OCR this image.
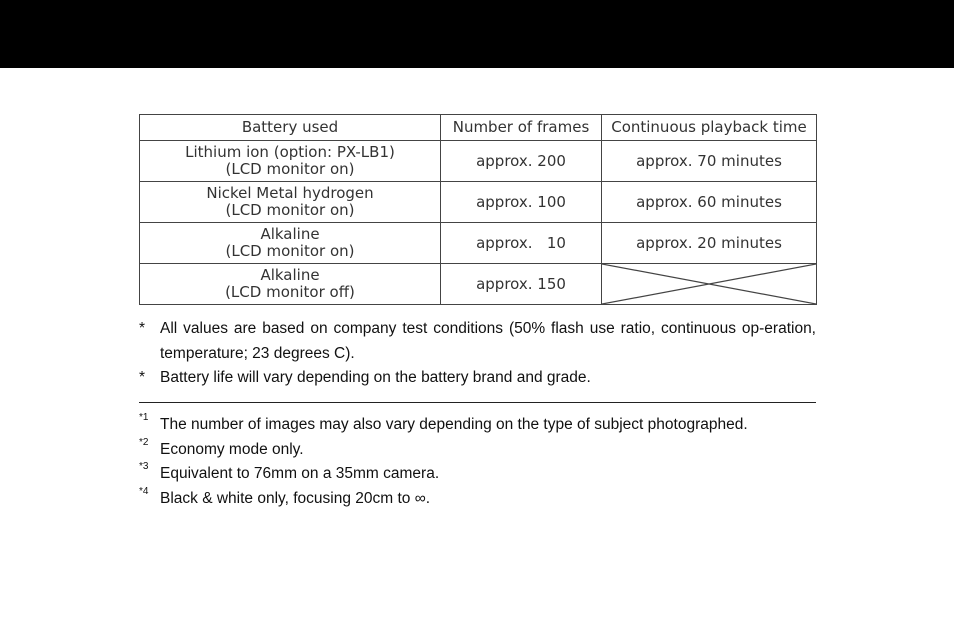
Battery used	Number of frames	Continuous playback time

Lithium ion (option: PX-LB1)
(LCD monitor on)	approx. 200	approx. 70 minutes

Nickel Metal hydrogen
(LCD monitor on)	approx. 100	approx. 60 minutes

Alkaline
(LCD monitor on)	approx.   10	approx. 20 minutes

Alkaline
(LCD monitor off)	approx. 150	
* All values are based on company test conditions (50% flash use ratio, continuous op-eration, temperature; 23 degrees C).
* Battery life will vary depending on the battery brand and grade.
*1 The number of images may also vary depending on the type of subject photographed.
*2 Economy mode only.
*3 Equivalent to 76mm on a 35mm camera.
*4 Black & white only, focusing 20cm to ∞.
